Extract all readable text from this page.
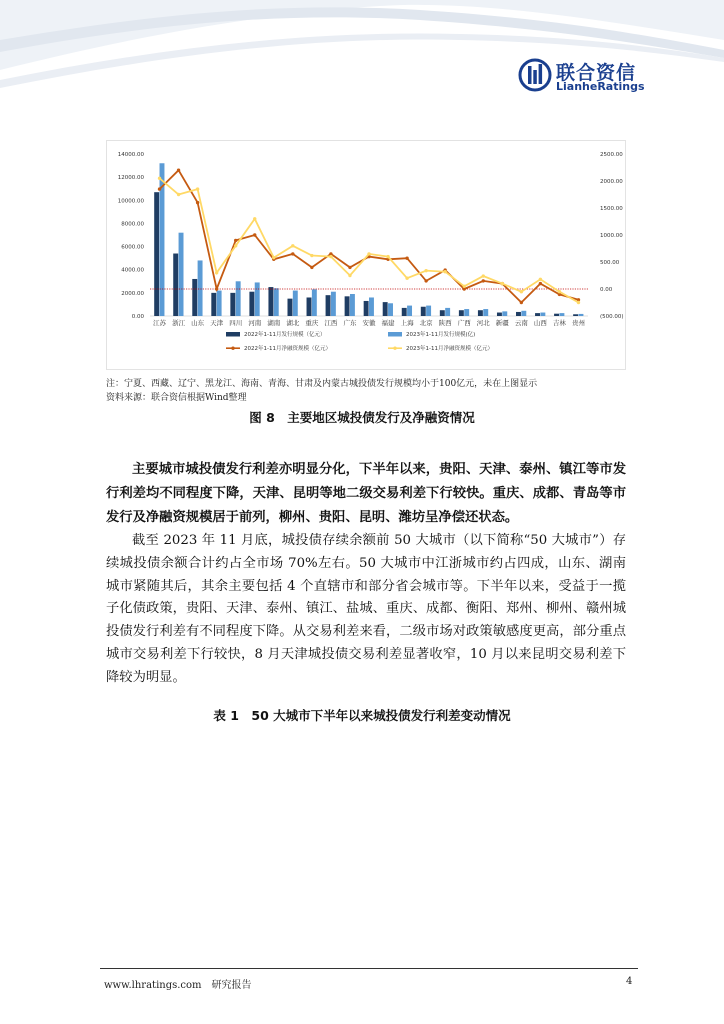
联合资信
LianheRatings
0.00
2000.00
4000.00
6000.00
8000.00
10000.00
12000.00
14000.00
(500.00)
0.00
500.00
1000.00
1500.00
2000.00
2500.00
江苏 浙江 山东 天津 四川 河南 湖南 湖北 重庆 江西 广东 安徽 福建 上海 北京 陕西 广西 河北 新疆 云南 山西 吉林 贵州
2022年1-11月发行规模（亿元）	2023年1-11月发行规模(亿)
2022年1-11月净融资规模（亿元）	2023年1-11月净融资规模（亿元）
注：宁夏、西藏、辽宁、黑龙江、海南、青海、甘肃及内蒙古城投债发行规模均小于100亿元，未在上图显示
资料来源：联合资信根据Wind整理
图 8　主要地区城投债发行及净融资情况
主要城市城投债发行利差亦明显分化，下半年以来，贵阳、天津、泰州、镇江等市发行利差均不同程度下降，天津、昆明等地二级交易利差下行较快。重庆、成都、青岛等市发行及净融资规模居于前列，柳州、贵阳、昆明、潍坊呈净偿还状态。
截至 2023 年 11 月底，城投债存续余额前 50 大城市（以下简称“50 大城市”）存续城投债余额合计约占全市场 70%左右。50 大城市中江浙城市约占四成，山东、湖南城市紧随其后，其余主要包括 4 个直辖市和部分省会城市等。下半年以来，受益于一揽子化债政策，贵阳、天津、泰州、镇江、盐城、重庆、成都、衡阳、郑州、柳州、赣州城投债发行利差有不同程度下降。从交易利差来看，二级市场对政策敏感度更高，部分重点城市交易利差下行较快，8 月天津城投债交易利差显著收窄，10 月以来昆明交易利差下降较为明显。
表 1　50 大城市下半年以来城投债发行利差变动情况
www.lhratings.com　研究报告	4
